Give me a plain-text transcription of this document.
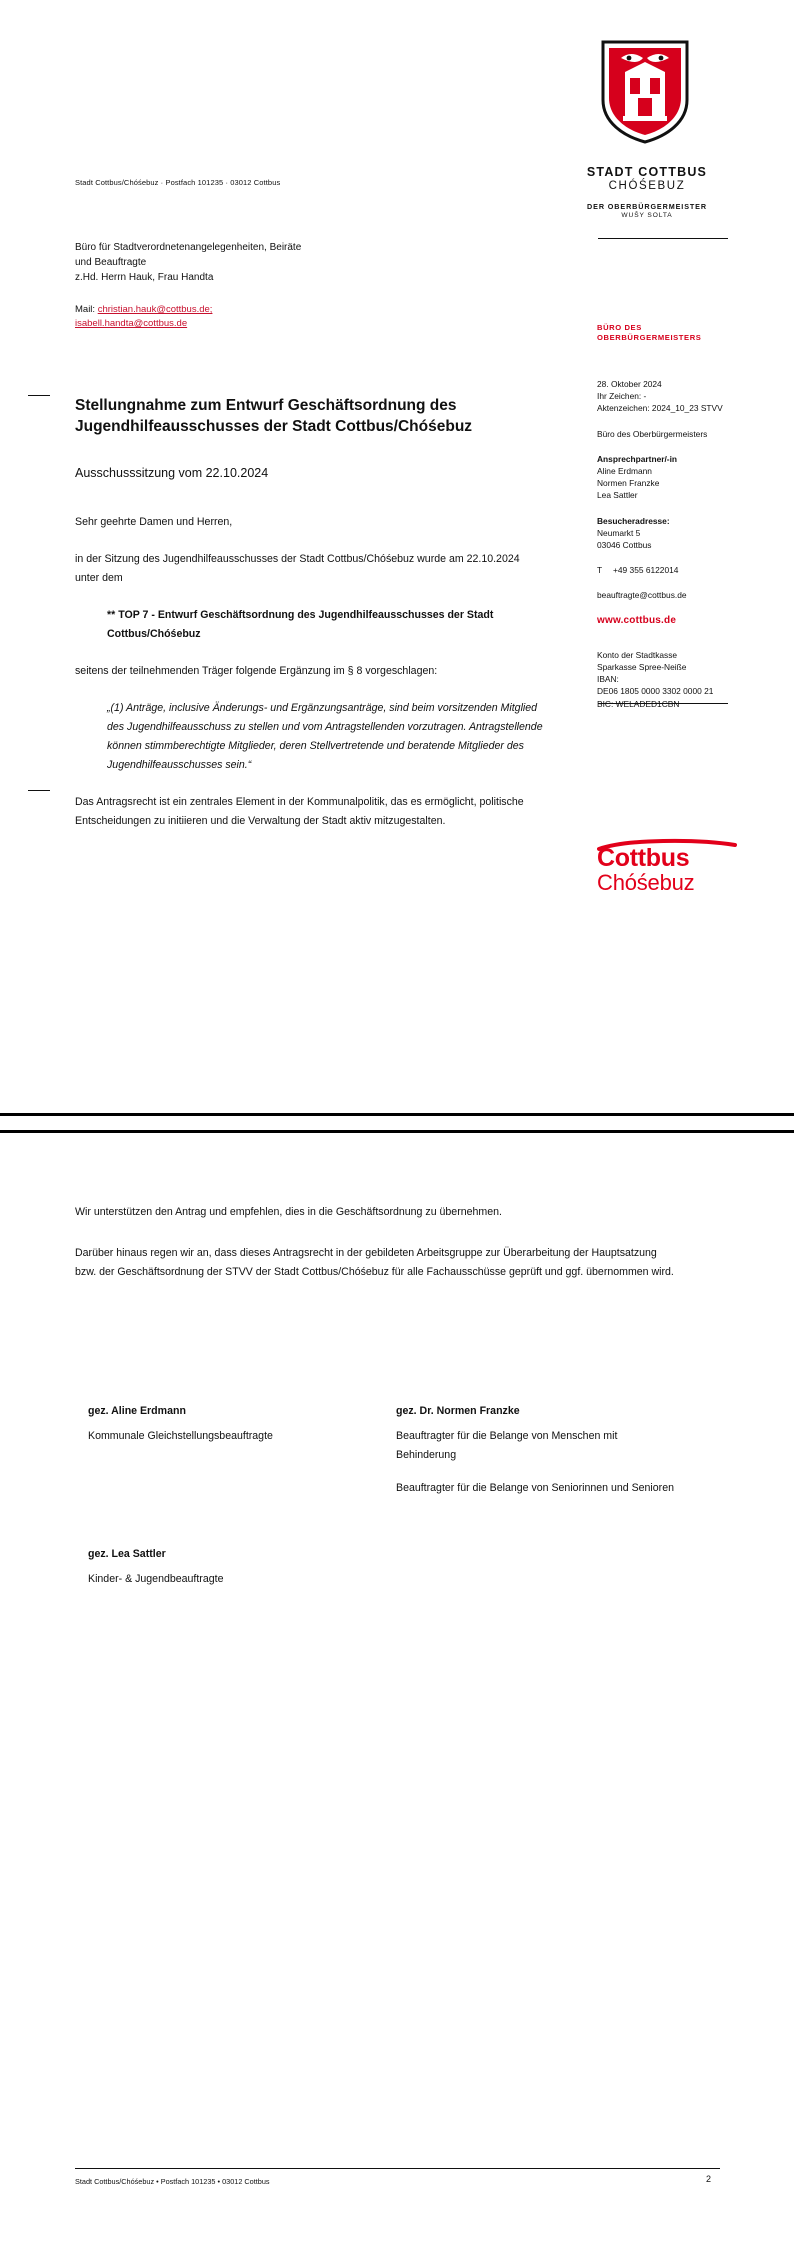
STADT COTTBUS
CHÓŚEBUZ
DER OBERBÜRGERMEISTER
WUŠY SOLTA
Stadt Cottbus/Chóśebuz · Postfach 101235 · 03012 Cottbus
Büro für Stadtverordnetenangelegenheiten, Beiräte
und Beauftragte
z.Hd. Herrn Hauk, Frau Handta
Mail: christian.hauk@cottbus.de;
isabell.handta@cottbus.de	BÜRO DES
OBERBÜRGERMEISTERS
28. Oktober 2024
Ihr Zeichen: -
Aktenzeichen: 2024_10_23 STVV
Büro des Oberbürgermeisters
Ansprechpartner/-in
Aline Erdmann
Normen Franzke
Lea Sattler
Besucheradresse:
Neumarkt 5
03046 Cottbus
T +49 355 6122014
beauftragte@cottbus.de
www.cottbus.de
Konto der Stadtkasse
Sparkasse Spree-Neiße
IBAN:
DE06 1805 0000 3302 0000 21
BIC: WELADED1CBN
Cottbus
Chóśebuz
Stellungnahme zum Entwurf Geschäftsordnung des Jugendhilfeausschusses der Stadt Cottbus/Chóśebuz
Ausschusssitzung vom 22.10.2024

Sehr geehrte Damen und Herren,

in der Sitzung des Jugendhilfeausschusses der Stadt Cottbus/Chóśebuz wurde am 22.10.2024 unter dem

** TOP 7 - Entwurf Geschäftsordnung des Jugendhilfeausschusses der Stadt Cottbus/Chóśebuz

seitens der teilnehmenden Träger folgende Ergänzung im § 8 vorgeschlagen:

„(1) Anträge, inclusive Änderungs- und Ergänzungsanträge, sind beim vorsitzenden Mitglied des Jugendhilfeausschuss zu stellen und vom Antragstellenden vorzutragen. Antragstellende können stimmberechtigte Mitglieder, deren Stellvertretende und beratende Mitglieder des Jugendhilfeausschusses sein.“

Das Antragsrecht ist ein zentrales Element in der Kommunalpolitik, das es ermöglicht, politische Entscheidungen zu initiieren und die Verwaltung der Stadt aktiv mitzugestalten.

Wir unterstützen den Antrag und empfehlen, dies in die Geschäftsordnung zu übernehmen.

Darüber hinaus regen wir an, dass dieses Antragsrecht in der gebildeten Arbeitsgruppe zur Überarbeitung der Hauptsatzung bzw. der Geschäftsordnung der STVV der Stadt Cottbus/Chóśebuz für alle Fachausschüsse geprüft und ggf. übernommen wird.

gez. Aline Erdmann
Kommunale Gleichstellungsbeauftragte
gez. Dr. Normen Franzke
Beauftragter für die Belange von Menschen mit Behinderung
Beauftragter für die Belange von Seniorinnen und Senioren
gez. Lea Sattler
Kinder- & Jugendbeauftragte
Stadt Cottbus/Chóśebuz • Postfach 101235 • 03012 Cottbus	2
